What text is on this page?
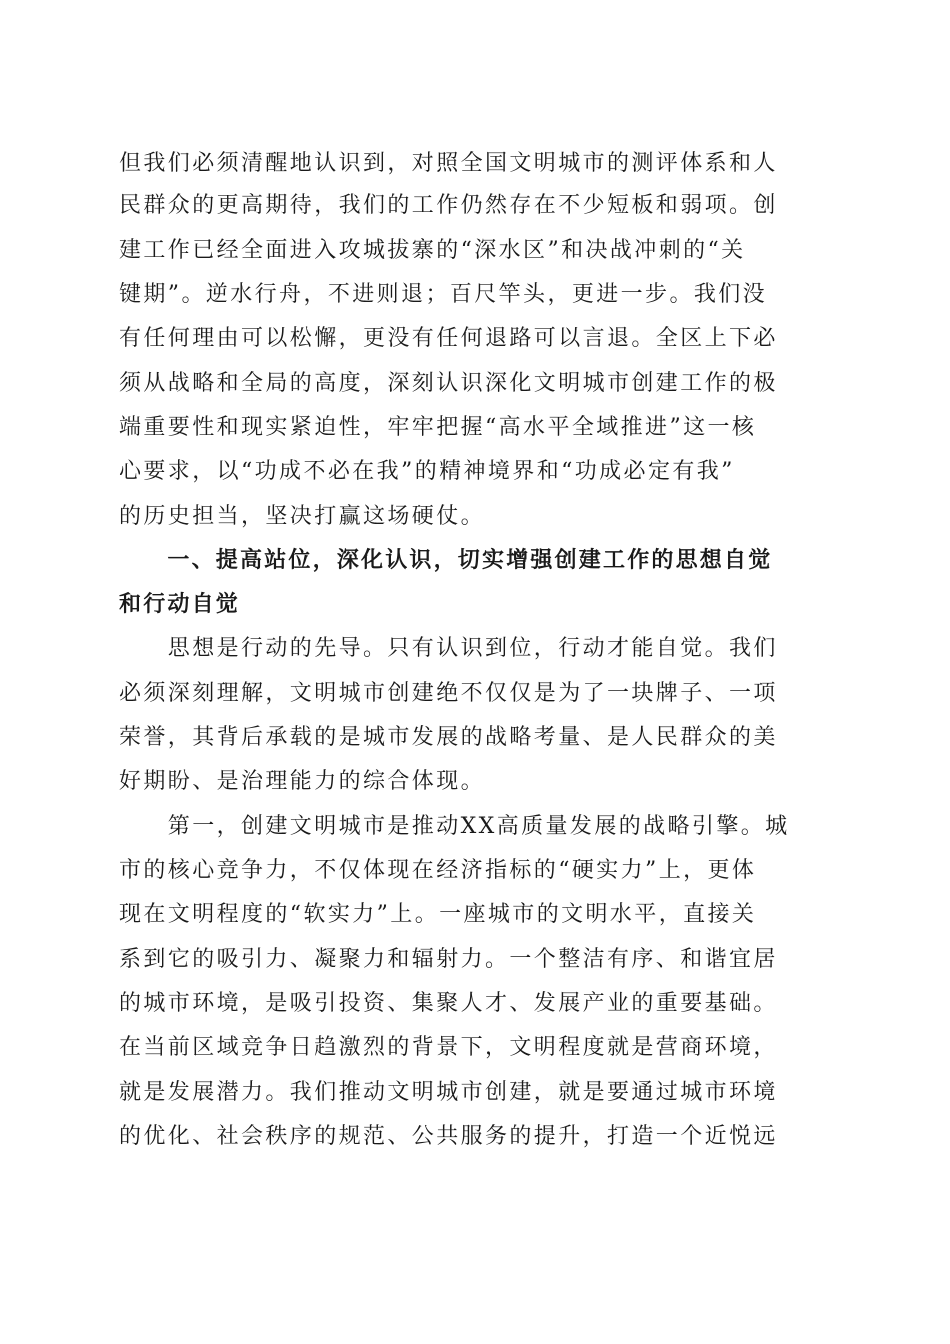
但我们必须清醒地认识到，对照全国文明城市的测评体系和人
民群众的更高期待，我们的工作仍然存在不少短板和弱项。创
建工作已经全面进入攻城拔寨的“深水区”和决战冲刺的“关
键期”。逆水行舟，不进则退；百尺竿头，更进一步。我们没
有任何理由可以松懈，更没有任何退路可以言退。全区上下必
须从战略和全局的高度，深刻认识深化文明城市创建工作的极
端重要性和现实紧迫性，牢牢把握“高水平全域推进”这一核
心要求，以“功成不必在我”的精神境界和“功成必定有我”
的历史担当，坚决打赢这场硬仗。
　　一、提高站位，深化认识，切实增强创建工作的思想自觉
和行动自觉
　　思想是行动的先导。只有认识到位，行动才能自觉。我们
必须深刻理解，文明城市创建绝不仅仅是为了一块牌子、一项
荣誉，其背后承载的是城市发展的战略考量、是人民群众的美
好期盼、是治理能力的综合体现。
　　第一，创建文明城市是推动XX高质量发展的战略引擎。城
市的核心竞争力，不仅体现在经济指标的“硬实力”上，更体
现在文明程度的“软实力”上。一座城市的文明水平，直接关
系到它的吸引力、凝聚力和辐射力。一个整洁有序、和谐宜居
的城市环境，是吸引投资、集聚人才、发展产业的重要基础。
在当前区域竞争日趋激烈的背景下，文明程度就是营商环境，
就是发展潜力。我们推动文明城市创建，就是要通过城市环境
的优化、社会秩序的规范、公共服务的提升，打造一个近悦远
